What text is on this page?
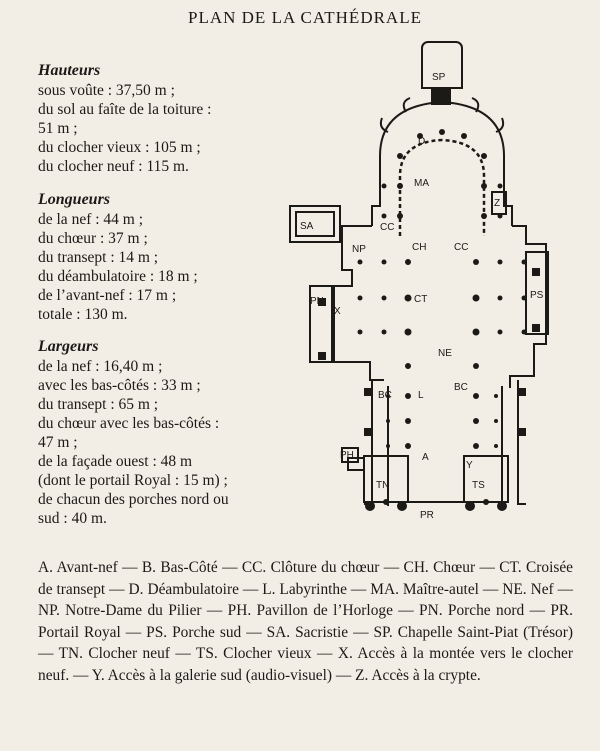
PLAN DE LA CATHÉDRALE
Hauteurs
sous voûte : 37,50 m ;
du sol au faîte de la toiture :
51 m ;
du clocher vieux : 105 m ;
du clocher neuf : 115 m.
Longueurs
de la nef : 44 m ;
du chœur : 37 m ;
du transept : 14 m ;
du déambulatoire : 18 m ;
de l’avant-nef : 17 m ;
totale : 130 m.
Largeurs
de la nef : 16,40 m ;
avec les bas-côtés : 33 m ;
du transept : 65 m ;
du chœur avec les bas-côtés :
47 m ;
de la façade ouest : 48 m
(dont le portail Royal : 15 m) ;
de chacun des porches nord ou
sud : 40 m.
SP
D
MA
Z
SA	CC
CC
NP	CH
PS
PN
X
CT
NE
BC	L
BC
PH	A
Y
TN	TS
PR
A. Avant-nef — B. Bas-Côté — CC. Clôture du chœur — CH. Chœur — CT. Croisée de transept — D. Déambulatoire — L. Labyrinthe — MA. Maître-autel — NE. Nef — NP. Notre-Dame du Pilier — PH. Pavillon de l’Horloge — PN. Porche nord — PR. Portail Royal — PS. Porche sud — SA. Sacristie — SP. Chapelle Saint-Piat (Trésor) — TN. Clocher neuf — TS. Clocher vieux — X. Accès à la montée vers le clocher neuf. — Y. Accès à la galerie sud (audio-visuel) — Z. Accès à la crypte.
